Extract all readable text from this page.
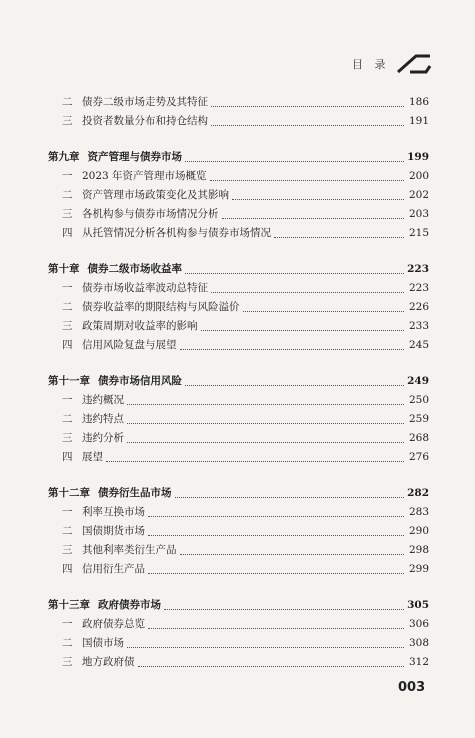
目 录
二 债券二级市场走势及其特征	186
三 投资者数量分布和持仓结构	191
第九章 资产管理与债券市场	199
一 2023 年资产管理市场概览	200
二 资产管理市场政策变化及其影响	202
三 各机构参与债券市场情况分析	203
四 从托管情况分析各机构参与债券市场情况	215
第十章 债券二级市场收益率	223
一 债券市场收益率波动总特征	223
二 债券收益率的期限结构与风险溢价	226
三 政策周期对收益率的影响	233
四 信用风险复盘与展望	245
第十一章 债券市场信用风险	249
一 违约概况	250
二 违约特点	259
三 违约分析	268
四 展望	276
第十二章 债券衍生品市场	282
一 利率互换市场	283
二 国债期货市场	290
三 其他利率类衍生产品	298
四 信用衍生产品	299
第十三章 政府债券市场	305
一 政府债券总览	306
二 国债市场	308
三 地方政府债	312
003
